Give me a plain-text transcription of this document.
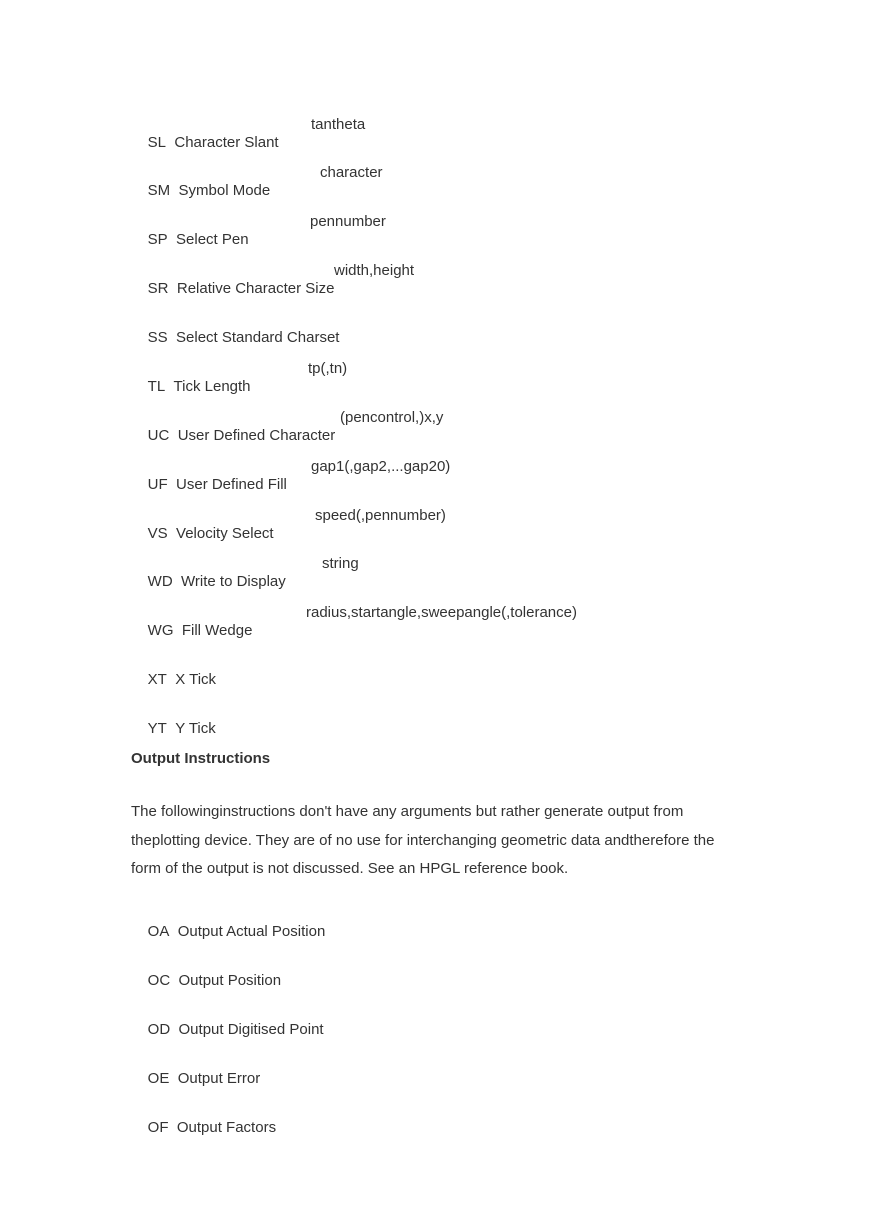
SL Character Slant

tantheta

SM Symbol Mode

character

SP Select Pen

pennumber

SR Relative Character Size

width,height

SS Select Standard Charset

TL Tick Length

tp(,tn)

UC User Defined Character

(pencontrol,)x,y

UF User Defined Fill

gap1(,gap2,...gap20)

VS Velocity Select

speed(,pennumber)

WD Write to Display

string

WG Fill Wedge

radius,startangle,sweepangle(,tolerance)

XT X Tick

YT Y Tick

Output Instructions
The followinginstructions don't have any arguments but rather generate output from theplotting device. They are of no use for interchanging geometric data andtherefore the form of the output is not discussed. See an HPGL reference book.

OA Output Actual Position

OC Output Position

OD Output Digitised Point

OE Output Error

OF Output Factors
